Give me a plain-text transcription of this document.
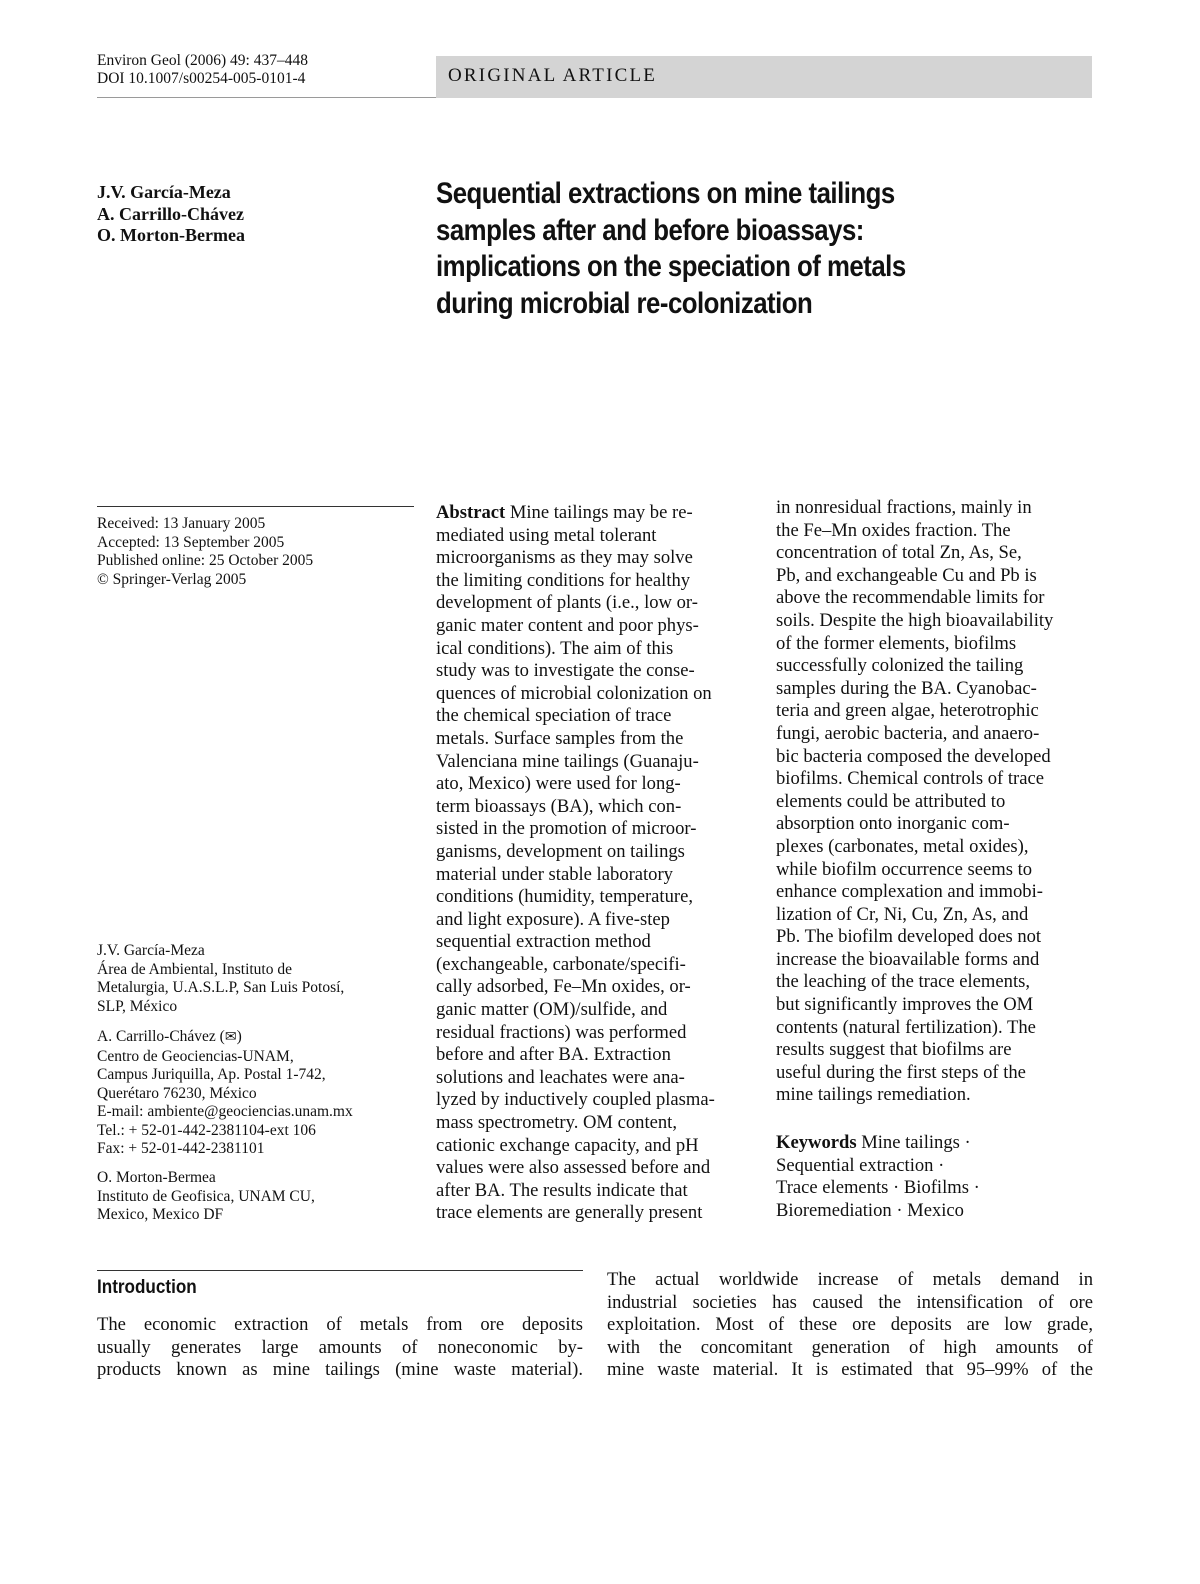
Environ Geol (2006) 49: 437–448
DOI 10.1007/s00254-005-0101-4	ORIGINAL ARTICLE
J.V. García-Meza
A. Carrillo-Chávez
O. Morton-Bermea
Sequential extractions on mine tailings
samples after and before bioassays:
implications on the speciation of metals
during microbial re-colonization
Received: 13 January 2005
Accepted: 13 September 2005
Published online: 25 October 2005
© Springer-Verlag 2005
J.V. García-Meza
Área de Ambiental, Instituto de
Metalurgia, U.A.S.L.P, San Luis Potosí,
SLP, México
A. Carrillo-Chávez (✉)
Centro de Geociencias-UNAM,
Campus Juriquilla, Ap. Postal 1-742,
Querétaro 76230, México
E-mail: ambiente@geociencias.unam.mx
Tel.: + 52-01-442-2381104-ext 106
Fax: + 52-01-442-2381101
O. Morton-Bermea
Instituto de Geofisica, UNAM CU,
Mexico, Mexico DF
Abstract Mine tailings may be re-
mediated using metal tolerant
microorganisms as they may solve
the limiting conditions for healthy
development of plants (i.e., low or-
ganic mater content and poor phys-
ical conditions). The aim of this
study was to investigate the conse-
quences of microbial colonization on
the chemical speciation of trace
metals. Surface samples from the
Valenciana mine tailings (Guanaju-
ato, Mexico) were used for long-
term bioassays (BA), which con-
sisted in the promotion of microor-
ganisms, development on tailings
material under stable laboratory
conditions (humidity, temperature,
and light exposure). A five-step
sequential extraction method
(exchangeable, carbonate/specifi-
cally adsorbed, Fe–Mn oxides, or-
ganic matter (OM)/sulfide, and
residual fractions) was performed
before and after BA. Extraction
solutions and leachates were ana-
lyzed by inductively coupled plasma-
mass spectrometry. OM content,
cationic exchange capacity, and pH
values were also assessed before and
after BA. The results indicate that
trace elements are generally present
in nonresidual fractions, mainly in
the Fe–Mn oxides fraction. The
concentration of total Zn, As, Se,
Pb, and exchangeable Cu and Pb is
above the recommendable limits for
soils. Despite the high bioavailability
of the former elements, biofilms
successfully colonized the tailing
samples during the BA. Cyanobac-
teria and green algae, heterotrophic
fungi, aerobic bacteria, and anaero-
bic bacteria composed the developed
biofilms. Chemical controls of trace
elements could be attributed to
absorption onto inorganic com-
plexes (carbonates, metal oxides),
while biofilm occurrence seems to
enhance complexation and immobi-
lization of Cr, Ni, Cu, Zn, As, and
Pb. The biofilm developed does not
increase the bioavailable forms and
the leaching of the trace elements,
but significantly improves the OM
contents (natural fertilization). The
results suggest that biofilms are
useful during the first steps of the
mine tailings remediation.
Keywords Mine tailings ·
Sequential extraction ·
Trace elements · Biofilms ·
Bioremediation · Mexico
Introduction
The economic extraction of metals from ore deposits
usually generates large amounts of noneconomic by-
products known as mine tailings (mine waste material).
The actual worldwide increase of metals demand in
industrial societies has caused the intensification of ore
exploitation. Most of these ore deposits are low grade,
with the concomitant generation of high amounts of
mine waste material. It is estimated that 95–99% of the
